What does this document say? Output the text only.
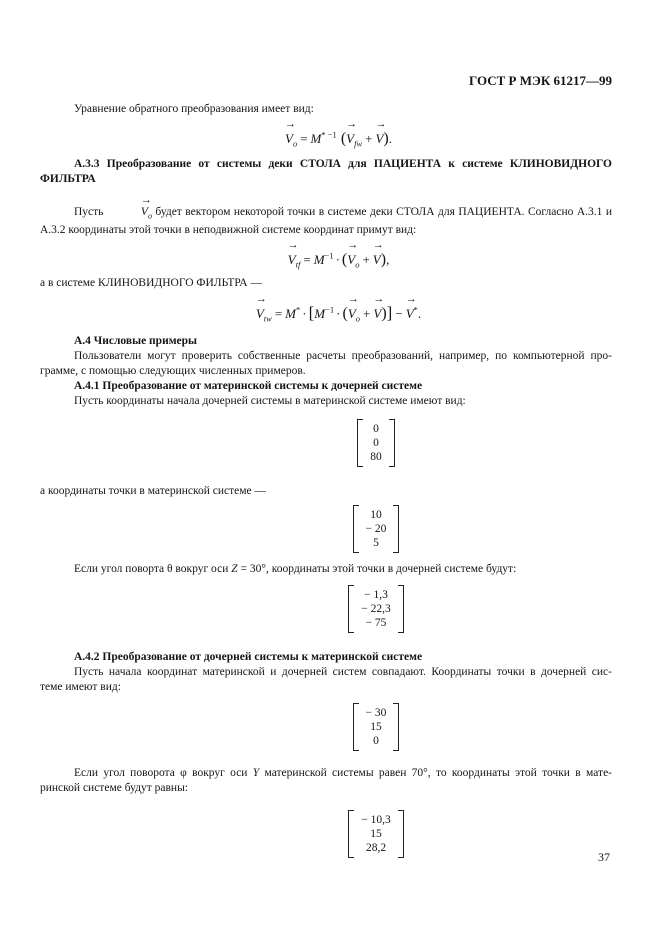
ГОСТ Р МЭК 61217—99

Уравнение обратного преобразования имеет вид:

→
$V_o = M^{* -1}$ (
→
$V_{fw}$ +
→
V).

А.3.3 Преобразование от системы деки СТОЛА для ПАЦИЕНТА к системе КЛИНОВИДНОГО

ФИЛЬТРА

Пусть
→
$V_o$ будет вектором некоторой точки в системе деки СТОЛА для ПАЦИЕНТА. Согласно А.3.1 и

А.3.2 координаты этой точки в неподвижной системе координат примут вид:

→
$V_{tf} = M^{-1}$ · (
→
$V_o$ +
→
V),

а в системе КЛИНОВИДНОГО ФИЛЬТРА —

→
$V_{tw} = M^* \cdot [M^{-1}$ · (
→
$V_o$ +
→
V)] −
→
V*.

А.4 Числовые примеры

Пользователи могут проверить собственные расчеты преобразований, например, по компьютерной про-

грамме, с помощью следующих численных примеров.

А.4.1 Преобразование от материнской системы к дочерней системе

Пусть координаты начала дочерней системы в материнской системе имеют вид:

0
0
80

а координаты точки в материнской системе —

10
− 20
5

Если угол поворта θ вокруг оси Z = 30°, координаты этой точки в дочерней системе будут:

− 1,3
− 22,3
− 75

А.4.2 Преобразование от дочерней системы к материнской системе

Пусть начала координат материнской и дочерней систем совпадают. Координаты точки в дочерней сис-

теме имеют вид:

− 30
15
0

Если угол поворота φ вокруг оси Y материнской системы равен 70°, то координаты этой точки в мате-

ринской системе будут равны:

− 10,3
15
28,2
37
